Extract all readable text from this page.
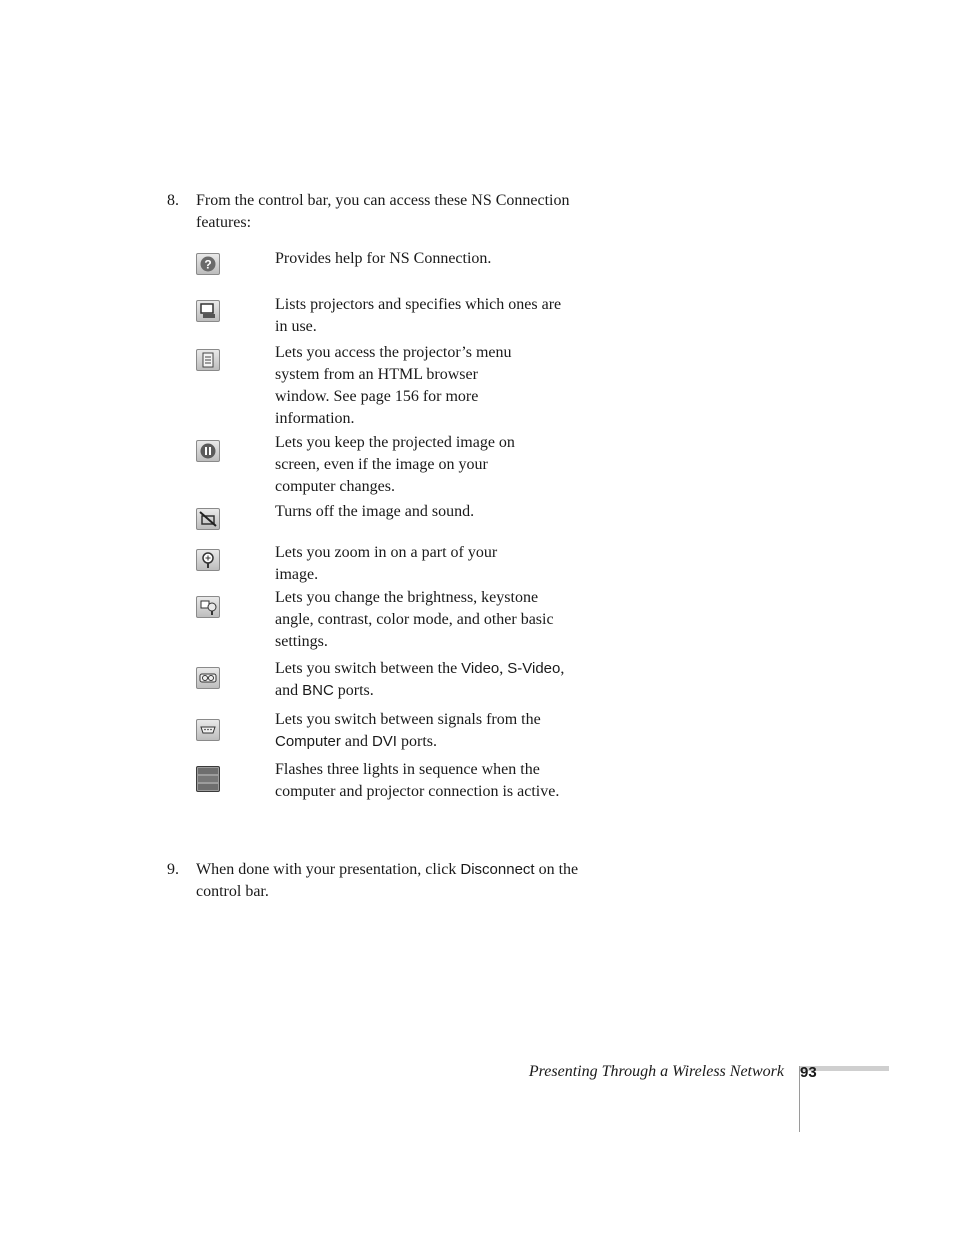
8.	From the control bar, you can access these NS Connection features:
?	Provides help for NS Connection.
Lists projectors and specifies which ones are in use.
Lets you access the projector’s menu system from an HTML browser window. See page 156 for more information.
Lets you keep the projected image on screen, even if the image on your computer changes.
Turns off the image and sound.
Lets you zoom in on a part of your image.
Lets you change the brightness, keystone angle, contrast, color mode, and other basic settings.
Lets you switch between the Video, S-Video, and BNC ports.
Lets you switch between signals from the Computer and DVI ports.
Flashes three lights in sequence when the computer and projector connection is active.
9.	When done with your presentation, click Disconnect on the control bar.
Presenting Through a Wireless Network 93
